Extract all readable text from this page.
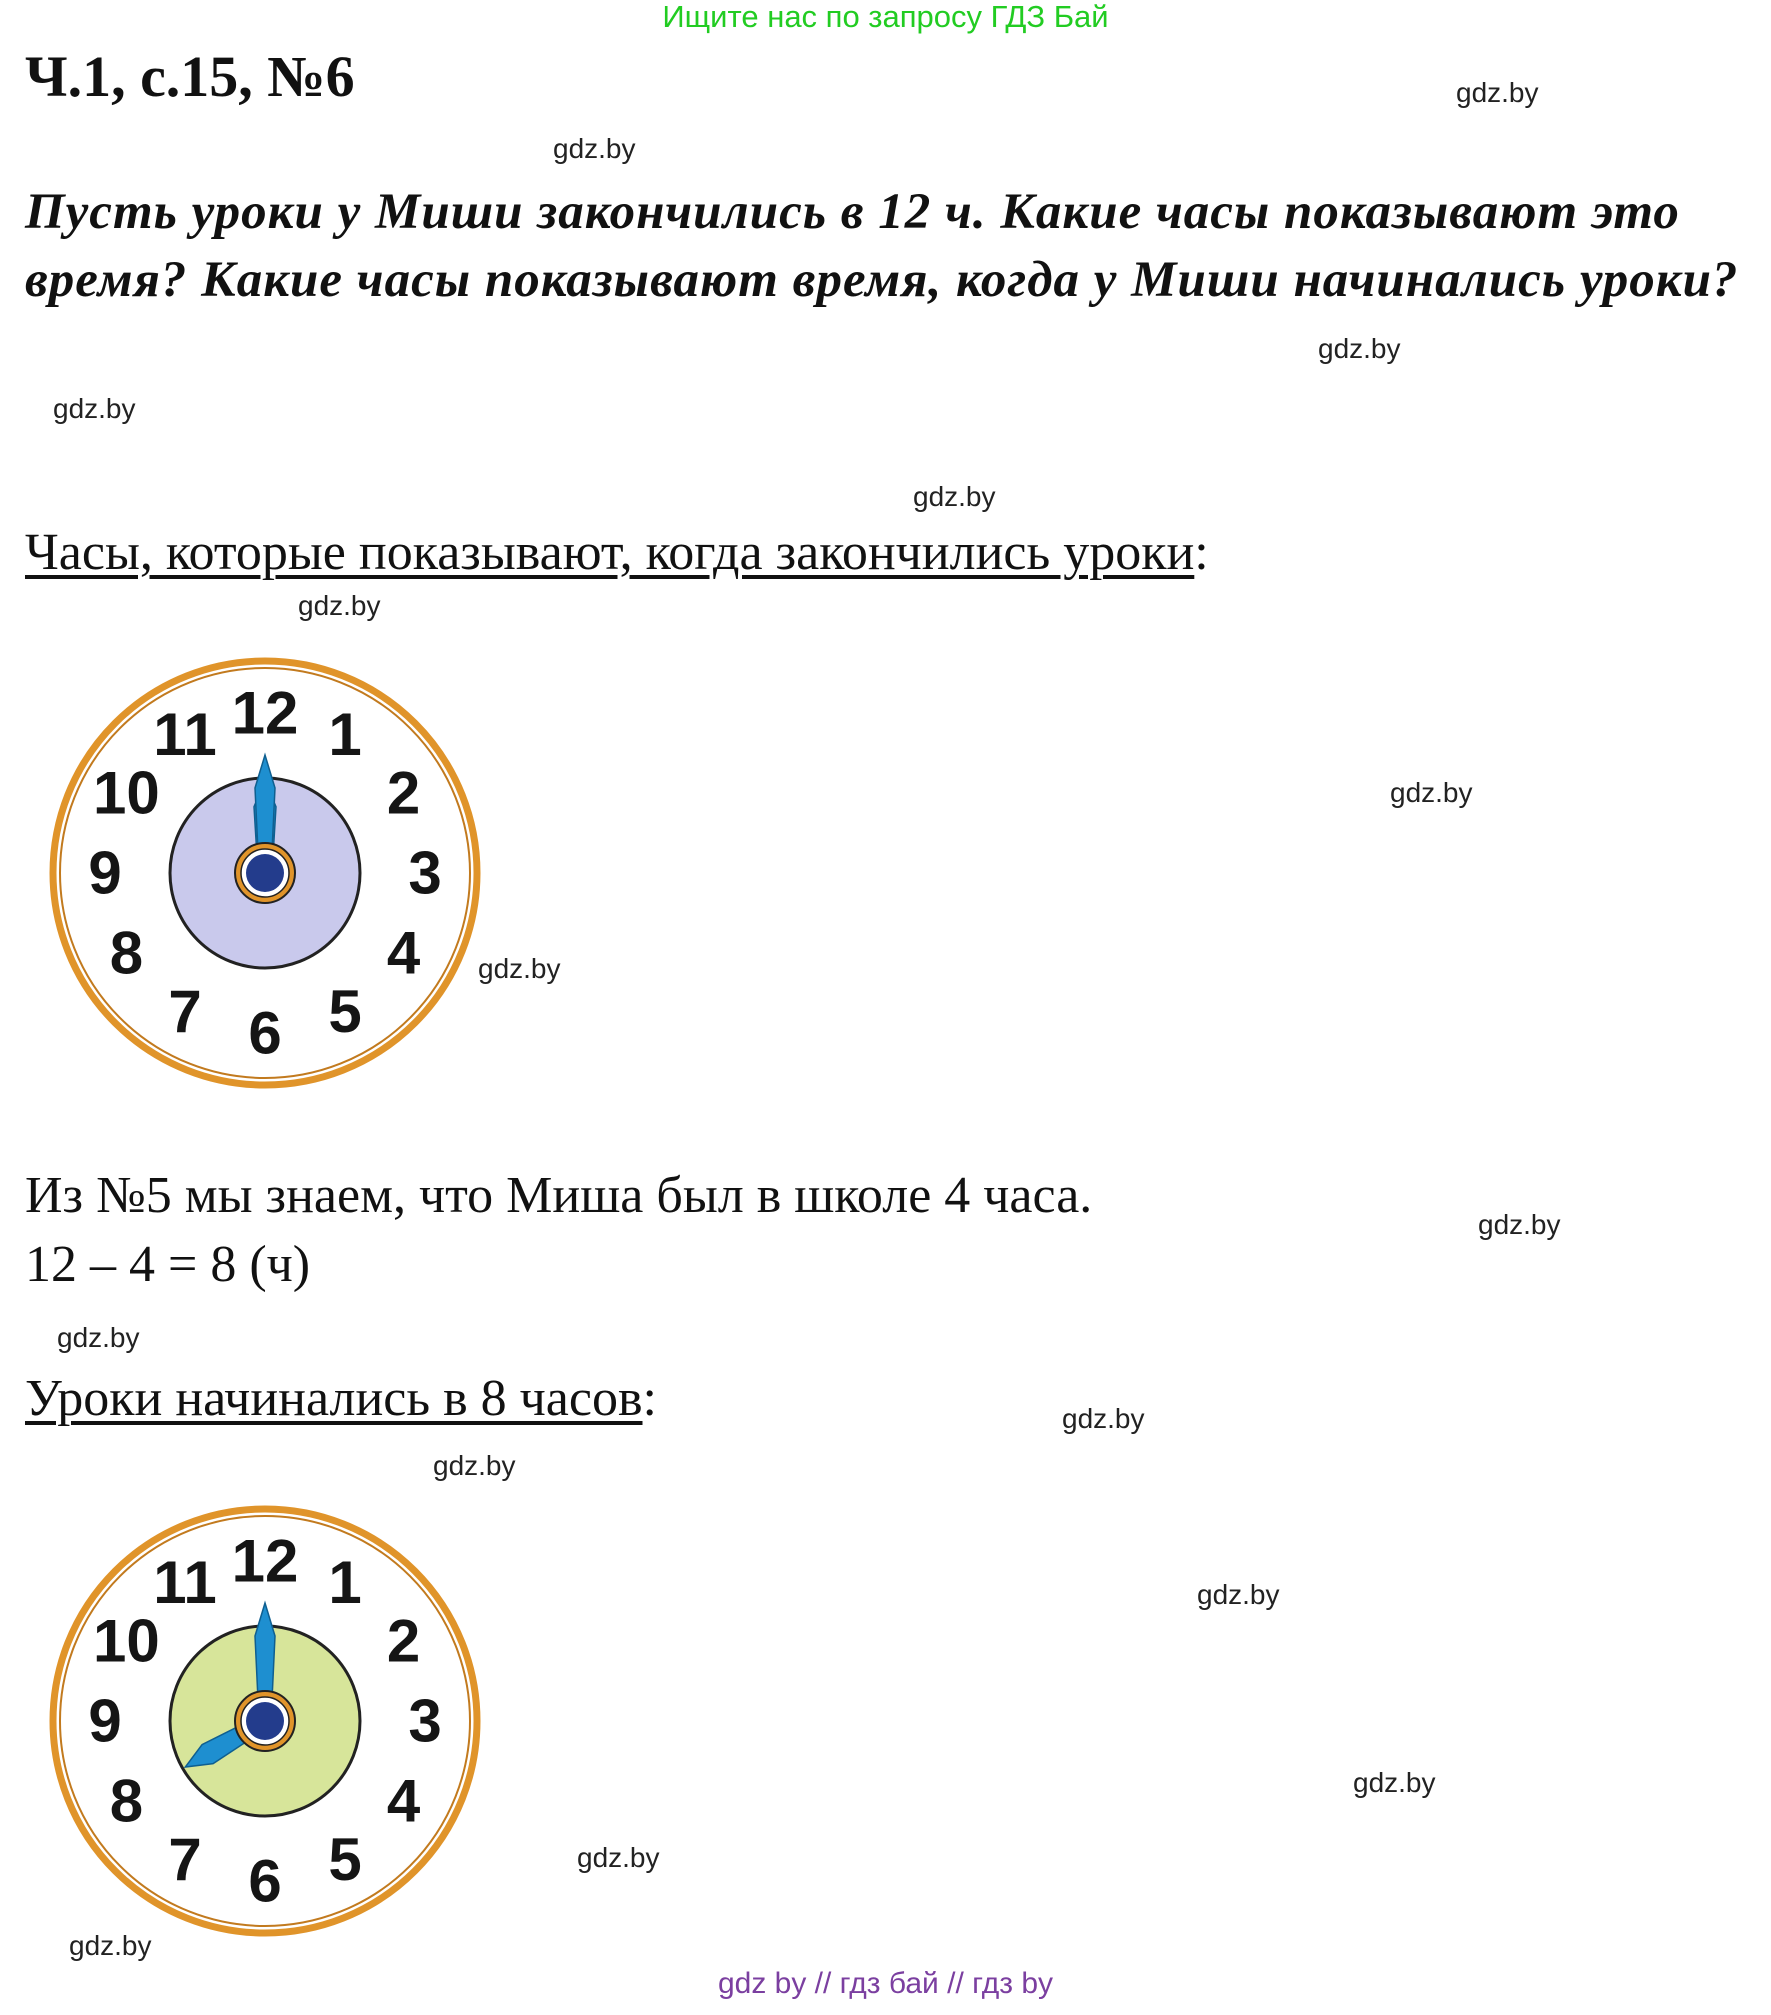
Ищите нас по запросу ГДЗ Бай
Ч.1, с.15, №6
Пусть уроки у Миши закончились в 12 ч. Какие часы показывают это время? Какие часы показывают время, когда у Миши начинались уроки?
Часы, которые показывают, когда закончились уроки:
12 1
2
3
4
5
6
7
8
9
10
11
Из №5 мы знаем, что Миша был в школе 4 часа.
12 – 4 = 8 (ч)
Уроки начинались в 8 часов:
12 1
2
3
4
5
6
7
8
9
10
11
gdz.by
gdz.by
gdz.by
gdz.by
gdz.by
gdz.by
gdz.by
gdz.by
gdz.by
gdz.by
gdz.by
gdz.by
gdz.by
gdz.by
gdz.by
gdz.by
gdz by // гдз бай // гдз by
